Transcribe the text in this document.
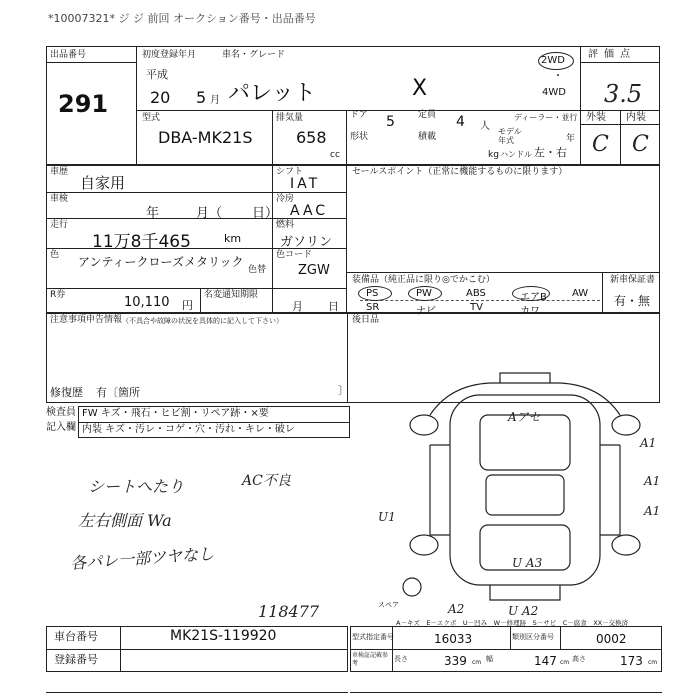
*10007321* ジ ジ 前回 オークション番号・出品番号
出品番号
291
初度登録年月	車名・グレード
平成
20 5 月 パレット	X
2WD
・
4WD
評価点
3.5
外装 内装
C C
型式
DBA-MK21S
排気量
658
cc
ドア 5	定員 4 人
形状	積載
kg
ディーラー・並行
モデル年式	年
ハンドル 左・右
車歴
自家用
車検
年	月（ 日）
走行
11万8千465	km
色 アンティークローズメタリック
色替
R券	10,110 円
名変通知期限
月 日
シフト
IAT
冷房
AAC
燃料
ガソリン
色コード
ZGW
セールスポイント（正常に機能するものに限ります）
装備品（純正品に限り◎でかこむ）	新車保証書
有・無
PS	PW	ABS	エアB	AW
SR	ナビ	TV	カワ
注意事項申告情報 （不具合や故障の状況を具体的に記入して下さい）
修復歴 有〔箇所	〕
後日品
検査員
記入欄
FW キズ・飛石・ヒビ割・リペア跡・×要
内装 キズ・汚レ・コゲ・穴・汚れ・キレ・破レ
シートへたり	AC不良
左右側面 Wa
各パレ一部ツヤなし
118477	スペア
Aアセ
A1
A1
A1
U1
U A3
A2	U A2
A－キズ　E－エクボ　U－凹み　W－修理跡　S－サビ　C－腐食　XX－交換済
車台番号	MK21S-119920
登録番号
型式指定番号	16033	類別区分番号	0002
車検証記載参考
長さ	339 cm 幅	147 cm 高さ	173 cm
